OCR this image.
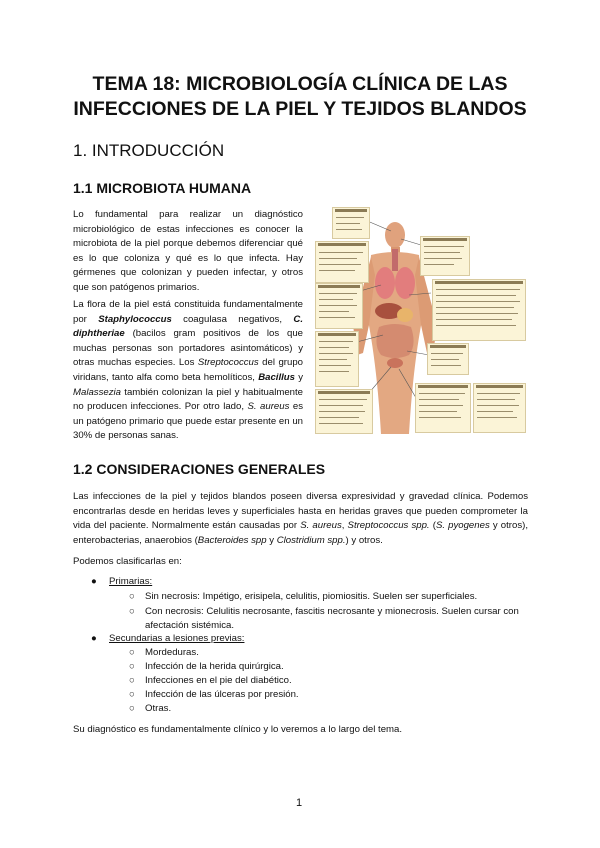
TEMA 18: MICROBIOLOGÍA CLÍNICA DE LAS INFECCIONES DE LA PIEL Y TEJIDOS BLANDOS
1. INTRODUCCIÓN
1.1 MICROBIOTA HUMANA
Lo fundamental para realizar un diagnóstico microbiológico de estas infecciones es conocer la microbiota de la piel porque debemos diferenciar qué es lo que coloniza y qué es lo que infecta. Hay gérmenes que colonizan y pueden infectar, y otros que son patógenos primarios.
La flora de la piel está constituida fundamentalmente por Staphylococcus coagulasa negativos, C. diphtheriae (bacilos gram positivos de los que muchas personas son portadores asintomáticos) y otras muchas especies. Los Streptococcus del grupo viridans, tanto alfa como beta hemolíticos, Bacillus y Malassezia también colonizan la piel y habitualmente no producen infecciones. Por otro lado, S. aureus es un patógeno primario que puede estar presente en un 30% de personas sanas.
1.2 CONSIDERACIONES GENERALES
Las infecciones de la piel y tejidos blandos poseen diversa expresividad y gravedad clínica. Podemos encontrarlas desde en heridas leves y superficiales hasta en heridas graves que pueden comprometer la vida del paciente. Normalmente están causadas por S. aureus, Streptococcus spp. (S. pyogenes y otros), enterobacterias, anaerobios (Bacteroides spp y Clostridium spp.) y otros.
Podemos clasificarlas en:
● Primarias:
○ Sin necrosis: Impétigo, erisipela, celulitis, piomiositis. Suelen ser superficiales.
○ Con necrosis: Celulitis necrosante, fascitis necrosante y mionecrosis. Suelen cursar con afectación sistémica.
● Secundarias a lesiones previas:
○ Mordeduras.
○ Infección de la herida quirúrgica.
○ Infecciones en el pie del diabético.
○ Infección de las úlceras por presión.
○ Otras.
Su diagnóstico es fundamentalmente clínico y lo veremos a lo largo del tema.
1
